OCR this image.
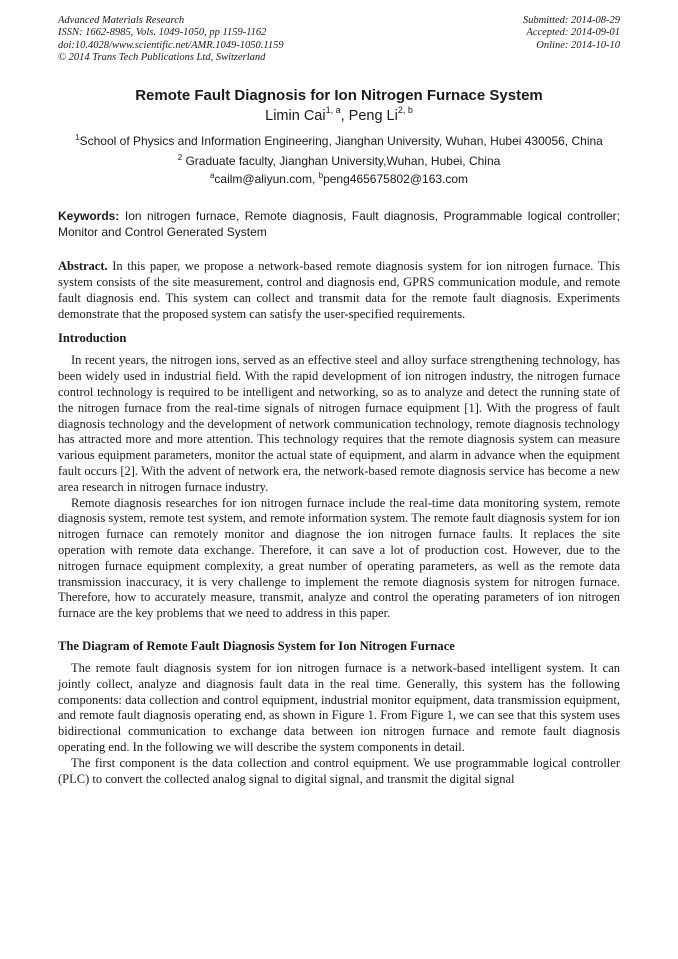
Advanced Materials Research
ISSN: 1662-8985, Vols. 1049-1050, pp 1159-1162
doi:10.4028/www.scientific.net/AMR.1049-1050.1159
© 2014 Trans Tech Publications Ltd, Switzerland
Submitted: 2014-08-29
Accepted: 2014-09-01
Online: 2014-10-10
Remote Fault Diagnosis for Ion Nitrogen Furnace System
Limin Cai$^{1, a}$, Peng Li$^{2, b}$
$^1$School of Physics and Information Engineering, Jianghan University, Wuhan, Hubei 430056, China
$^2$ Graduate faculty, Jianghan University,Wuhan, Hubei, China
$^a$cailm@aliyun.com, $^b$peng465675802@163.com

Keywords: Ion nitrogen furnace, Remote diagnosis, Fault diagnosis, Programmable logical controller; Monitor and Control Generated System

Abstract. In this paper, we propose a network-based remote diagnosis system for ion nitrogen furnace. This system consists of the site measurement, control and diagnosis end, GPRS communication module, and remote fault diagnosis end. This system can collect and transmit data for the remote fault diagnosis. Experiments demonstrate that the proposed system can satisfy the user-specified requirements.

Introduction

In recent years, the nitrogen ions, served as an effective steel and alloy surface strengthening technology, has been widely used in industrial field. With the rapid development of ion nitrogen industry, the nitrogen furnace control technology is required to be intelligent and networking, so as to analyze and detect the running state of the nitrogen furnace from the real-time signals of nitrogen furnace equipment [1]. With the progress of fault diagnosis technology and the development of network communication technology, remote diagnosis technology has attracted more and more attention. This technology requires that the remote diagnosis system can measure various equipment parameters, monitor the actual state of equipment, and alarm in advance when the equipment fault occurs [2]. With the advent of network era, the network-based remote diagnosis service has become a new area research in nitrogen furnace industry.

Remote diagnosis researches for ion nitrogen furnace include the real-time data monitoring system, remote diagnosis system, remote test system, and remote information system. The remote fault diagnosis system for ion nitrogen furnace can remotely monitor and diagnose the ion nitrogen furnace faults. It replaces the site operation with remote data exchange. Therefore, it can save a lot of production cost. However, due to the nitrogen furnace equipment complexity, a great number of operating parameters, as well as the remote data transmission inaccuracy, it is very challenge to implement the remote diagnosis system for nitrogen furnace. Therefore, how to accurately measure, transmit, analyze and control the operating parameters of ion nitrogen furnace are the key problems that we need to address in this paper.

The Diagram of Remote Fault Diagnosis System for Ion Nitrogen Furnace

The remote fault diagnosis system for ion nitrogen furnace is a network-based intelligent system. It can jointly collect, analyze and diagnosis fault data in the real time. Generally, this system has the following components: data collection and control equipment, industrial monitor equipment, data transmission equipment, and remote fault diagnosis operating end, as shown in Figure 1. From Figure 1, we can see that this system uses bidirectional communication to exchange data between ion nitrogen furnace and remote fault diagnosis operating end. In the following we will describe the system components in detail.

The first component is the data collection and control equipment. We use programmable logical controller (PLC) to convert the collected analog signal to digital signal, and transmit the digital signal
